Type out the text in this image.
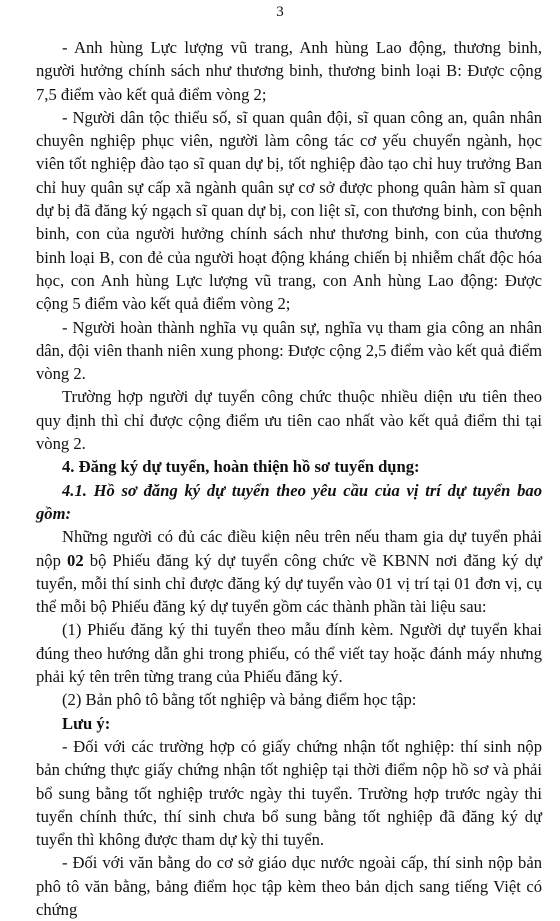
3

- Anh hùng Lực lượng vũ trang, Anh hùng Lao động, thương binh, người hưởng chính sách như thương binh, thương binh loại B: Được cộng 7,5 điểm vào kết quả điểm vòng 2;

- Người dân tộc thiểu số, sĩ quan quân đội, sĩ quan công an, quân nhân chuyên nghiệp phục viên, người làm công tác cơ yếu chuyển ngành, học viên tốt nghiệp đào tạo sĩ quan dự bị, tốt nghiệp đào tạo chỉ huy trưởng Ban chỉ huy quân sự cấp xã ngành quân sự cơ sở được phong quân hàm sĩ quan dự bị đã đăng ký ngạch sĩ quan dự bị, con liệt sĩ, con thương binh, con bệnh binh, con của người hưởng chính sách như thương binh, con của thương binh loại B, con đẻ của người hoạt động kháng chiến bị nhiễm chất độc hóa học, con Anh hùng Lực lượng vũ trang, con Anh hùng Lao động: Được cộng 5 điểm vào kết quả điểm vòng 2;

- Người hoàn thành nghĩa vụ quân sự, nghĩa vụ tham gia công an nhân dân, đội viên thanh niên xung phong: Được cộng 2,5 điểm vào kết quả điểm vòng 2.

Trường hợp người dự tuyển công chức thuộc nhiều diện ưu tiên theo quy định thì chỉ được cộng điểm ưu tiên cao nhất vào kết quả điểm thi tại vòng 2.

4. Đăng ký dự tuyển, hoàn thiện hồ sơ tuyển dụng:

4.1. Hồ sơ đăng ký dự tuyển theo yêu cầu của vị trí dự tuyển bao gồm:

Những người có đủ các điều kiện nêu trên nếu tham gia dự tuyển phải nộp 02 bộ Phiếu đăng ký dự tuyển công chức về KBNN nơi đăng ký dự tuyển, mỗi thí sinh chỉ được đăng ký dự tuyển vào 01 vị trí tại 01 đơn vị, cụ thể mỗi bộ Phiếu đăng ký dự tuyển gồm các thành phần tài liệu sau:

(1) Phiếu đăng ký thi tuyển theo mẫu đính kèm. Người dự tuyển khai đúng theo hướng dẫn ghi trong phiếu, có thể viết tay hoặc đánh máy nhưng phải ký tên trên từng trang của Phiếu đăng ký.

(2) Bản phô tô bằng tốt nghiệp và bảng điểm học tập:

Lưu ý:

- Đối với các trường hợp có giấy chứng nhận tốt nghiệp: thí sinh nộp bản chứng thực giấy chứng nhận tốt nghiệp tại thời điểm nộp hồ sơ và phải bổ sung bằng tốt nghiệp trước ngày thi tuyển. Trường hợp trước ngày thi tuyển chính thức, thí sinh chưa bổ sung bằng tốt nghiệp đã đăng ký dự tuyển thì không được tham dự kỳ thi tuyển.

- Đối với văn bằng do cơ sở giáo dục nước ngoài cấp, thí sinh nộp bản phô tô văn bằng, bảng điểm học tập kèm theo bản dịch sang tiếng Việt có chứng
